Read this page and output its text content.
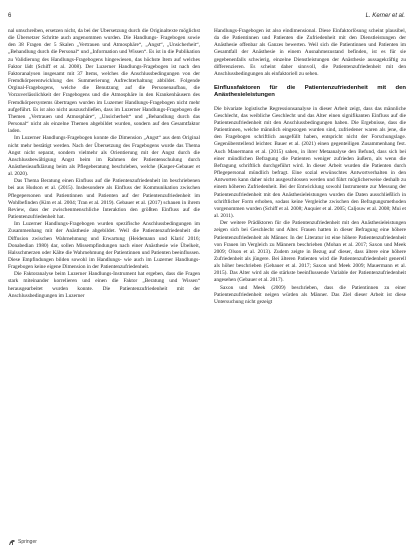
6	L. Kerner et al.

nal umschreiben, ersetzen nicht, da bei der Übersetzung durch die Originaltexte möglichst die Übersetzer Schritte auch angenommen wurden. Die Handlungs- Fragebogen sowie den 38 Fragen der 5 Skalen „Vertrauen und Atmosphäre“, „Angst“, „Unsicherheit“, „Behandlung durch die Personal“ und „Information und Wissen“. Es ist in die Publikation zu Validierung des Handlungs-Fragebogens hingewiesen, das höchste Item auf welches Faktor lädt (Schiff et al. 2008). Der Luzerner Handlungs-Fragebogen ist nach den Faktoranalysen insgesamt mit 37 Items, welches die Anschlussbedingungen von der Fremdkörperentwicklung des Summerierung Aufrechterhaltung abbildet. Folgende Orginal-Fragebogens, welche die Benutzung auf die Personenaufbau, die Vorzuverlässlichkeit der Fragebogens und die Atmosphäre in den Krankenhäusern des Fremdkörpersystems übertragen wurden im Luzerner Handlungs-Fragebogen nicht mehr aufgeführt. Es ist also nicht auszuschließen, dass im Luzerner Handlungs-Fragebogen die Themen „Vertrauen und Atmosphäre“, „Unsicherheit“ und „Behandlung durch das Personal“ nicht als einzelne Themen abgebildet wurden, sondern auf den Gesamtfaktor laden.

Im Luzerner Handlungs-Fragebogen konnte die Dimension „Angst“ aus dem Original nicht mehr bestätigt werden. Nach der Übersetzung des Fragebogens wurde das Thema Angst nicht separat, sondern vielmehr als Orientierung mit der Angst durch die Anschlussbewältigung Angst beim im Rahmen der Patientenschulung durch Anästhesieaufklärung beim als Pflegeberatung beschrieben, welche (Kasper-Gebauer et al. 2020).

Das Thema Beratung einen Einfluss auf die Patientenzufriedenheit im beschriebenen bei aus Hudson et al. (2015). Insbesondere als Einfluss der Kommunikation zwischen Pflegepersonen und Patientinnen und Patienten auf der Patientenzufriedenheit im Wohlbefinden (Kim et al. 2004; Tran et al. 2019). Gebauer et al. (2017) schauen in ihrem Review, dass der zwischenmenschliche Interaktion den größten Einfluss auf die Patientenzufriedenheit hat.

Im Luzerner Handlungs-Fragebogen wurden spezifische Anschlussbedingungen im Zusammenhang mit der Anästhesie abgebildet. Weil die Patientenzufriedenheit die Diffusion zwischen Wahrnehmung und Erwartung (Heidemann und Klarić 2016; Donabedian 1980) dar, sollen Missempfindungen nach einer Anästhesie wie Übelkeit, Halsschmerzen oder Kälte die Wahrnehmung der Patientinnen und Patienten beeinflussen. Diese Empfindungen bilden sowohl im Handlungs- wie auch im Luzerner Handlungs-Fragebogen keine eigene Dimension in der Patientenzufriedenheit.

Die Faktoranalyse beim Luzerner Handlungs-Instrument hat ergeben, dass die Fragen stark miteinander korrelieren und einen die Faktor „Beratung und Wissen“ herausgearbeitet wurden konnte. Die Patientenzufriedenheit mit der Anschlussbedingungen im Luzerner

Handlungs-Fragebogen ist also eindimensional. Diese Einfaktorlösung scheint plausibel, da die Patientinnen und Patienten die Zufriedenheit mit den Dienstleistungen der Anästhesie offenbar als Ganzes bewerten. Weil sich die Patientinnen und Patienten im Gesamtfall der Anästhesie in einem Ausnahmezustand befinden, ist es für sie gegebenenfalls schwierig, einzelne Dienstleistungen der Anästhesie aussagekräftig zu differenzieren. Es scheint daher sinnvoll, die Patientenzufriedenheit mit den Anschlussbedingungen als einfaktoriell zu sehen.

Einflussfaktoren für die Patientenzufriedenheit mit den Anästhesieleistungen

Die bivariate logistische Regressionsanalyse in dieser Arbeit zeigt, dass das männliche Geschlecht, das weibliche Geschlecht und das Alter einen signifikanten Einfluss auf die Patientenzufriedenheit mit den Anschlussbedingungen haben. Die Ergebnisse, dass die Patientinnen, welche männlich eingezogen wurden sind, zufriedener waren als jene, die den Fragebogen schriftlich ausgefüllt haben, entspricht nicht der Forschungslage. Gegenüberstellend leichter. Bauer et al. (2021) einen gegenteiligen Zusammenhang fest. Auch Mauermann et al. (2015) sahen, in ihrer Metaanalyse den Befund, dass sich bei einer mündlichen Befragung die Patienten weniger zufrieden äußern, als wenn die Befragung schriftlich durchgeführt wird. In dieser Arbeit wurden die Patienten durch Pflegepersonal mündlich befragt. Eine sozial erwünschtes Antwortverhalten in den Antworten kann daher nicht ausgeschlossen werden und führt möglicherweise deshalb zu einem höheren Zufriedenheit. Bei der Entwicklung sowohl Instrumente zur Messung der Patientenzufriedenheit mit den Anästhesieleistungen wurden die Daten ausschließlich in schriftlicher Form erhoben, sodass keine Vergleiche zwischen den Befragungsmethoden vorgenommen wurden (Schiff et al. 2008; Auquier et al. 2005; Caljouw et al. 2008; Mui et al. 2011).

Der weitere Prädiktoren für die Patientenzufriedenheit mit den Anästhesieleistungen zeigen sich bei Geschlecht und Alter. Frauen hatten in dieser Befragung eine höhere Patientenzufriedenheit als Männer. In der Literatur ist eine höhere Patientenzufriedenheit von Frauen im Vergleich zu Männern beschrieben (Mohan et al. 2017; Saxon und Meek 2009; Olson et al. 2013). Zudem zeigte in Bezug auf dieser, dass ältere eine höhere Zufriedenheit als jüngere. Bei älteren Patienten wird die Patientenzufriedenheit generell als höher beschrieben (Gebauer et al. 2017; Saxon und Meek 2009; Mauermann et al. 2015). Das Alter wird als die stärkste beeinflussende Variable der Patientenzufriedenheit angesehen (Gebauer et al. 2017).

Saxon und Meek (2009) beschrieben, dass die Patientinnen zu einer Patientenzufriedenheit neigen würden als Männer. Das Ziel dieser Arbeit ist diese Untersuchung nicht gezeigt

Springer
